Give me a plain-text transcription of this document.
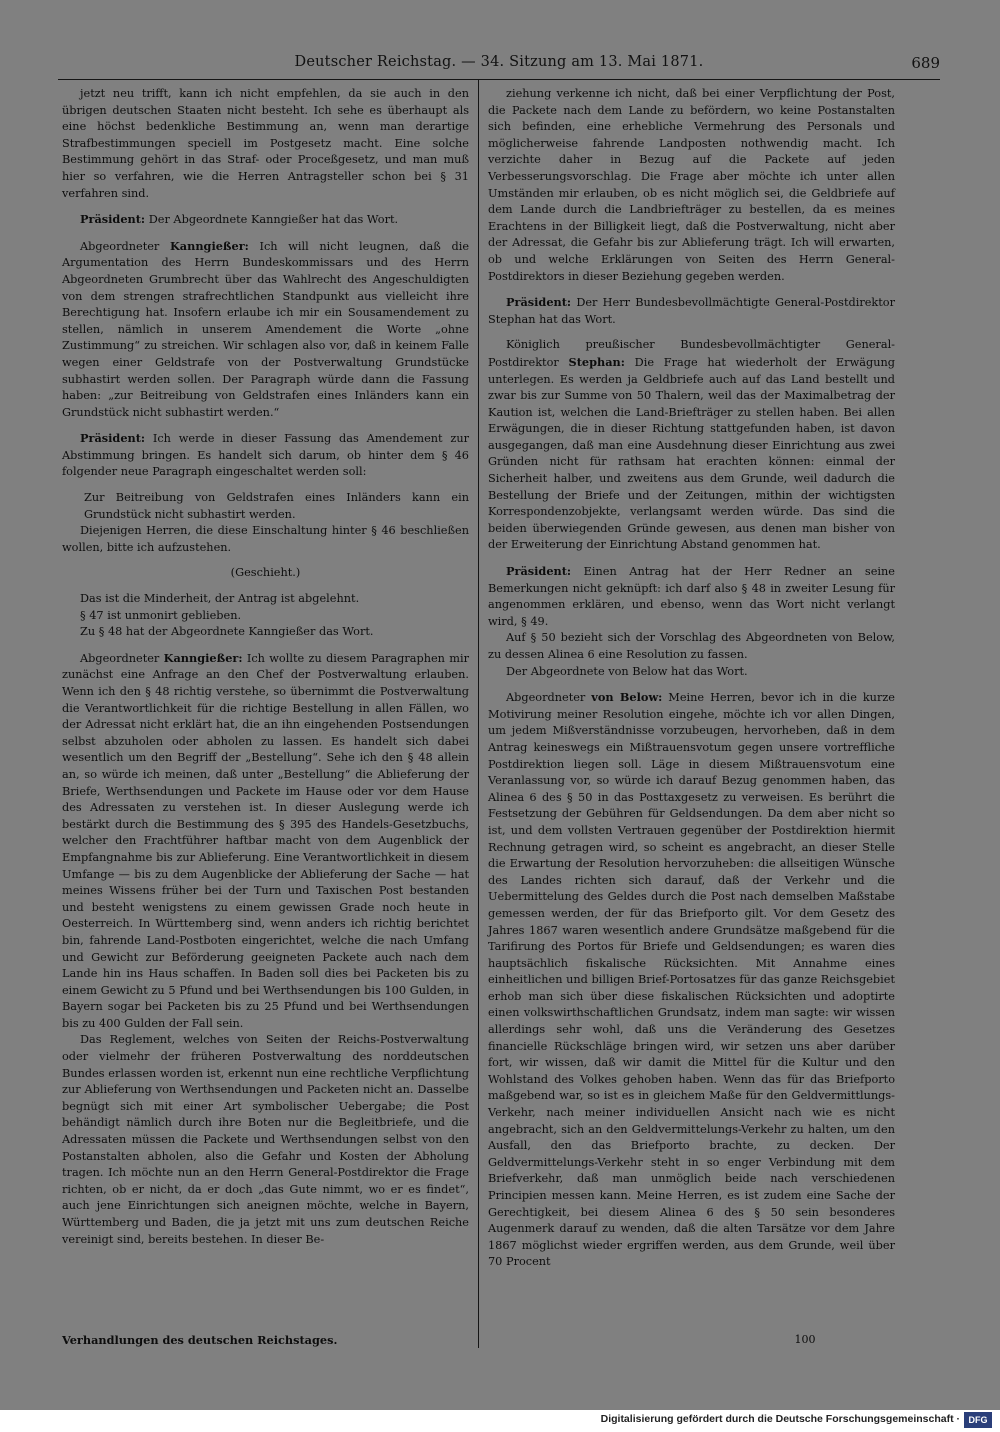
Deutscher Reichstag. — 34. Sitzung am 13. Mai 1871.	689

jetzt neu trifft, kann ich nicht empfehlen, da sie auch in den übrigen deutschen Staaten nicht besteht. Ich sehe es überhaupt als eine höchst bedenkliche Bestimmung an, wenn man derartige Strafbestimmungen speciell im Postgesetz macht. Eine solche Bestimmung gehört in das Straf- oder Proceßgesetz, und man muß hier so verfahren, wie die Herren Antragsteller schon bei § 31 verfahren sind.

Präsident: Der Abgeordnete Kanngießer hat das Wort.

Abgeordneter Kanngießer: Ich will nicht leugnen, daß die Argumentation des Herrn Bundeskommissars und des Herrn Abgeordneten Grumbrecht über das Wahlrecht des Angeschuldigten von dem strengen strafrechtlichen Standpunkt aus vielleicht ihre Berechtigung hat. Insofern erlaube ich mir ein Sousamendement zu stellen, nämlich in unserem Amendement die Worte „ohne Zustimmung“ zu streichen. Wir schlagen also vor, daß in keinem Falle wegen einer Geldstrafe von der Postverwaltung Grundstücke subhastirt werden sollen. Der Paragraph würde dann die Fassung haben: „zur Beitreibung von Geldstrafen eines Inländers kann ein Grundstück nicht subhastirt werden.“

Präsident: Ich werde in dieser Fassung das Amendement zur Abstimmung bringen. Es handelt sich darum, ob hinter dem § 46 folgender neue Paragraph eingeschaltet werden soll:

Zur Beitreibung von Geldstrafen eines Inländers kann ein Grundstück nicht subhastirt werden.

Diejenigen Herren, die diese Einschaltung hinter § 46 beschließen wollen, bitte ich aufzustehen.

(Geschieht.)

Das ist die Minderheit, der Antrag ist abgelehnt.

§ 47 ist unmonirt geblieben.

Zu § 48 hat der Abgeordnete Kanngießer das Wort.

Abgeordneter Kanngießer: Ich wollte zu diesem Paragraphen mir zunächst eine Anfrage an den Chef der Postverwaltung erlauben. Wenn ich den § 48 richtig verstehe, so übernimmt die Postverwaltung die Verantwortlichkeit für die richtige Bestellung in allen Fällen, wo der Adressat nicht erklärt hat, die an ihn eingehenden Postsendungen selbst abzuholen oder abholen zu lassen. Es handelt sich dabei wesentlich um den Begriff der „Bestellung“. Sehe ich den § 48 allein an, so würde ich meinen, daß unter „Bestellung“ die Ablieferung der Briefe, Werthsendungen und Packete im Hause oder vor dem Hause des Adressaten zu verstehen ist. In dieser Auslegung werde ich bestärkt durch die Bestimmung des § 395 des Handels-Gesetzbuchs, welcher den Frachtführer haftbar macht von dem Augenblick der Empfangnahme bis zur Ablieferung. Eine Verantwortlichkeit in diesem Umfange — bis zu dem Augenblicke der Ablieferung der Sache — hat meines Wissens früher bei der Turn und Taxischen Post bestanden und besteht wenigstens zu einem gewissen Grade noch heute in Oesterreich. In Württemberg sind, wenn anders ich richtig berichtet bin, fahrende Land-Postboten eingerichtet, welche die nach Umfang und Gewicht zur Beförderung geeigneten Packete auch nach dem Lande hin ins Haus schaffen. In Baden soll dies bei Packeten bis zu einem Gewicht zu 5 Pfund und bei Werthsendungen bis 100 Gulden, in Bayern sogar bei Packeten bis zu 25 Pfund und bei Werthsendungen bis zu 400 Gulden der Fall sein.

Das Reglement, welches von Seiten der Reichs-Postverwaltung oder vielmehr der früheren Postverwaltung des norddeutschen Bundes erlassen worden ist, erkennt nun eine rechtliche Verpflichtung zur Ablieferung von Werthsendungen und Packeten nicht an. Dasselbe begnügt sich mit einer Art symbolischer Uebergabe; die Post behändigt nämlich durch ihre Boten nur die Begleitbriefe, und die Adressaten müssen die Packete und Werthsendungen selbst von den Postanstalten abholen, also die Gefahr und Kosten der Abholung tragen. Ich möchte nun an den Herrn General-Postdirektor die Frage richten, ob er nicht, da er doch „das Gute nimmt, wo er es findet“, auch jene Einrichtungen sich aneignen möchte, welche in Bayern, Württemberg und Baden, die ja jetzt mit uns zum deutschen Reiche vereinigt sind, bereits bestehen. In dieser Be-

ziehung verkenne ich nicht, daß bei einer Verpflichtung der Post, die Packete nach dem Lande zu befördern, wo keine Postanstalten sich befinden, eine erhebliche Vermehrung des Personals und möglicherweise fahrende Landposten nothwendig macht. Ich verzichte daher in Bezug auf die Packete auf jeden Verbesserungsvorschlag. Die Frage aber möchte ich unter allen Umständen mir erlauben, ob es nicht möglich sei, die Geldbriefe auf dem Lande durch die Landbriefträger zu bestellen, da es meines Erachtens in der Billigkeit liegt, daß die Postverwaltung, nicht aber der Adressat, die Gefahr bis zur Ablieferung trägt. Ich will erwarten, ob und welche Erklärungen von Seiten des Herrn General-Postdirektors in dieser Beziehung gegeben werden.

Präsident: Der Herr Bundesbevollmächtigte General-Postdirektor Stephan hat das Wort.

Königlich preußischer Bundesbevollmächtigter General-Postdirektor Stephan: Die Frage hat wiederholt der Erwägung unterlegen. Es werden ja Geldbriefe auch auf das Land bestellt und zwar bis zur Summe von 50 Thalern, weil das der Maximalbetrag der Kaution ist, welchen die Land-Briefträger zu stellen haben. Bei allen Erwägungen, die in dieser Richtung stattgefunden haben, ist davon ausgegangen, daß man eine Ausdehnung dieser Einrichtung aus zwei Gründen nicht für rathsam hat erachten können: einmal der Sicherheit halber, und zweitens aus dem Grunde, weil dadurch die Bestellung der Briefe und der Zeitungen, mithin der wichtigsten Korrespondenzobjekte, verlangsamt werden würde. Das sind die beiden überwiegenden Gründe gewesen, aus denen man bisher von der Erweiterung der Einrichtung Abstand genommen hat.

Präsident: Einen Antrag hat der Herr Redner an seine Bemerkungen nicht geknüpft: ich darf also § 48 in zweiter Lesung für angenommen erklären, und ebenso, wenn das Wort nicht verlangt wird, § 49.

Auf § 50 bezieht sich der Vorschlag des Abgeordneten von Below, zu dessen Alinea 6 eine Resolution zu fassen.

Der Abgeordnete von Below hat das Wort.

Abgeordneter von Below: Meine Herren, bevor ich in die kurze Motivirung meiner Resolution eingehe, möchte ich vor allen Dingen, um jedem Mißverständnisse vorzubeugen, hervorheben, daß in dem Antrag keineswegs ein Mißtrauensvotum gegen unsere vortreffliche Postdirektion liegen soll. Läge in diesem Mißtrauensvotum eine Veranlassung vor, so würde ich darauf Bezug genommen haben, das Alinea 6 des § 50 in das Posttaxgesetz zu verweisen. Es berührt die Festsetzung der Gebühren für Geldsendungen. Da dem aber nicht so ist, und dem vollsten Vertrauen gegenüber der Postdirektion hiermit Rechnung getragen wird, so scheint es angebracht, an dieser Stelle die Erwartung der Resolution hervorzuheben: die allseitigen Wünsche des Landes richten sich darauf, daß der Verkehr und die Uebermittelung des Geldes durch die Post nach demselben Maßstabe gemessen werden, der für das Briefporto gilt. Vor dem Gesetz des Jahres 1867 waren wesentlich andere Grundsätze maßgebend für die Tarifirung des Portos für Briefe und Geldsendungen; es waren dies hauptsächlich fiskalische Rücksichten. Mit Annahme eines einheitlichen und billigen Brief-Portosatzes für das ganze Reichsgebiet erhob man sich über diese fiskalischen Rücksichten und adoptirte einen volkswirthschaftlichen Grundsatz, indem man sagte: wir wissen allerdings sehr wohl, daß uns die Veränderung des Gesetzes financielle Rückschläge bringen wird, wir setzen uns aber darüber fort, wir wissen, daß wir damit die Mittel für die Kultur und den Wohlstand des Volkes gehoben haben. Wenn das für das Briefporto maßgebend war, so ist es in gleichem Maße für den Geldvermittlungs-Verkehr, nach meiner individuellen Ansicht nach wie es nicht angebracht, sich an den Geldvermittelungs-Verkehr zu halten, um den Ausfall, den das Briefporto brachte, zu decken. Der Geldvermittelungs-Verkehr steht in so enger Verbindung mit dem Briefverkehr, daß man unmöglich beide nach verschiedenen Principien messen kann. Meine Herren, es ist zudem eine Sache der Gerechtigkeit, bei diesem Alinea 6 des § 50 sein besonderes Augenmerk darauf zu wenden, daß die alten Tarsätze vor dem Jahre 1867 möglichst wieder ergriffen werden, aus dem Grunde, weil über 70 Procent

Verhandlungen des deutschen Reichstages.	100
Digitalisierung gefördert durch die Deutsche Forschungsgemeinschaft · DFG
